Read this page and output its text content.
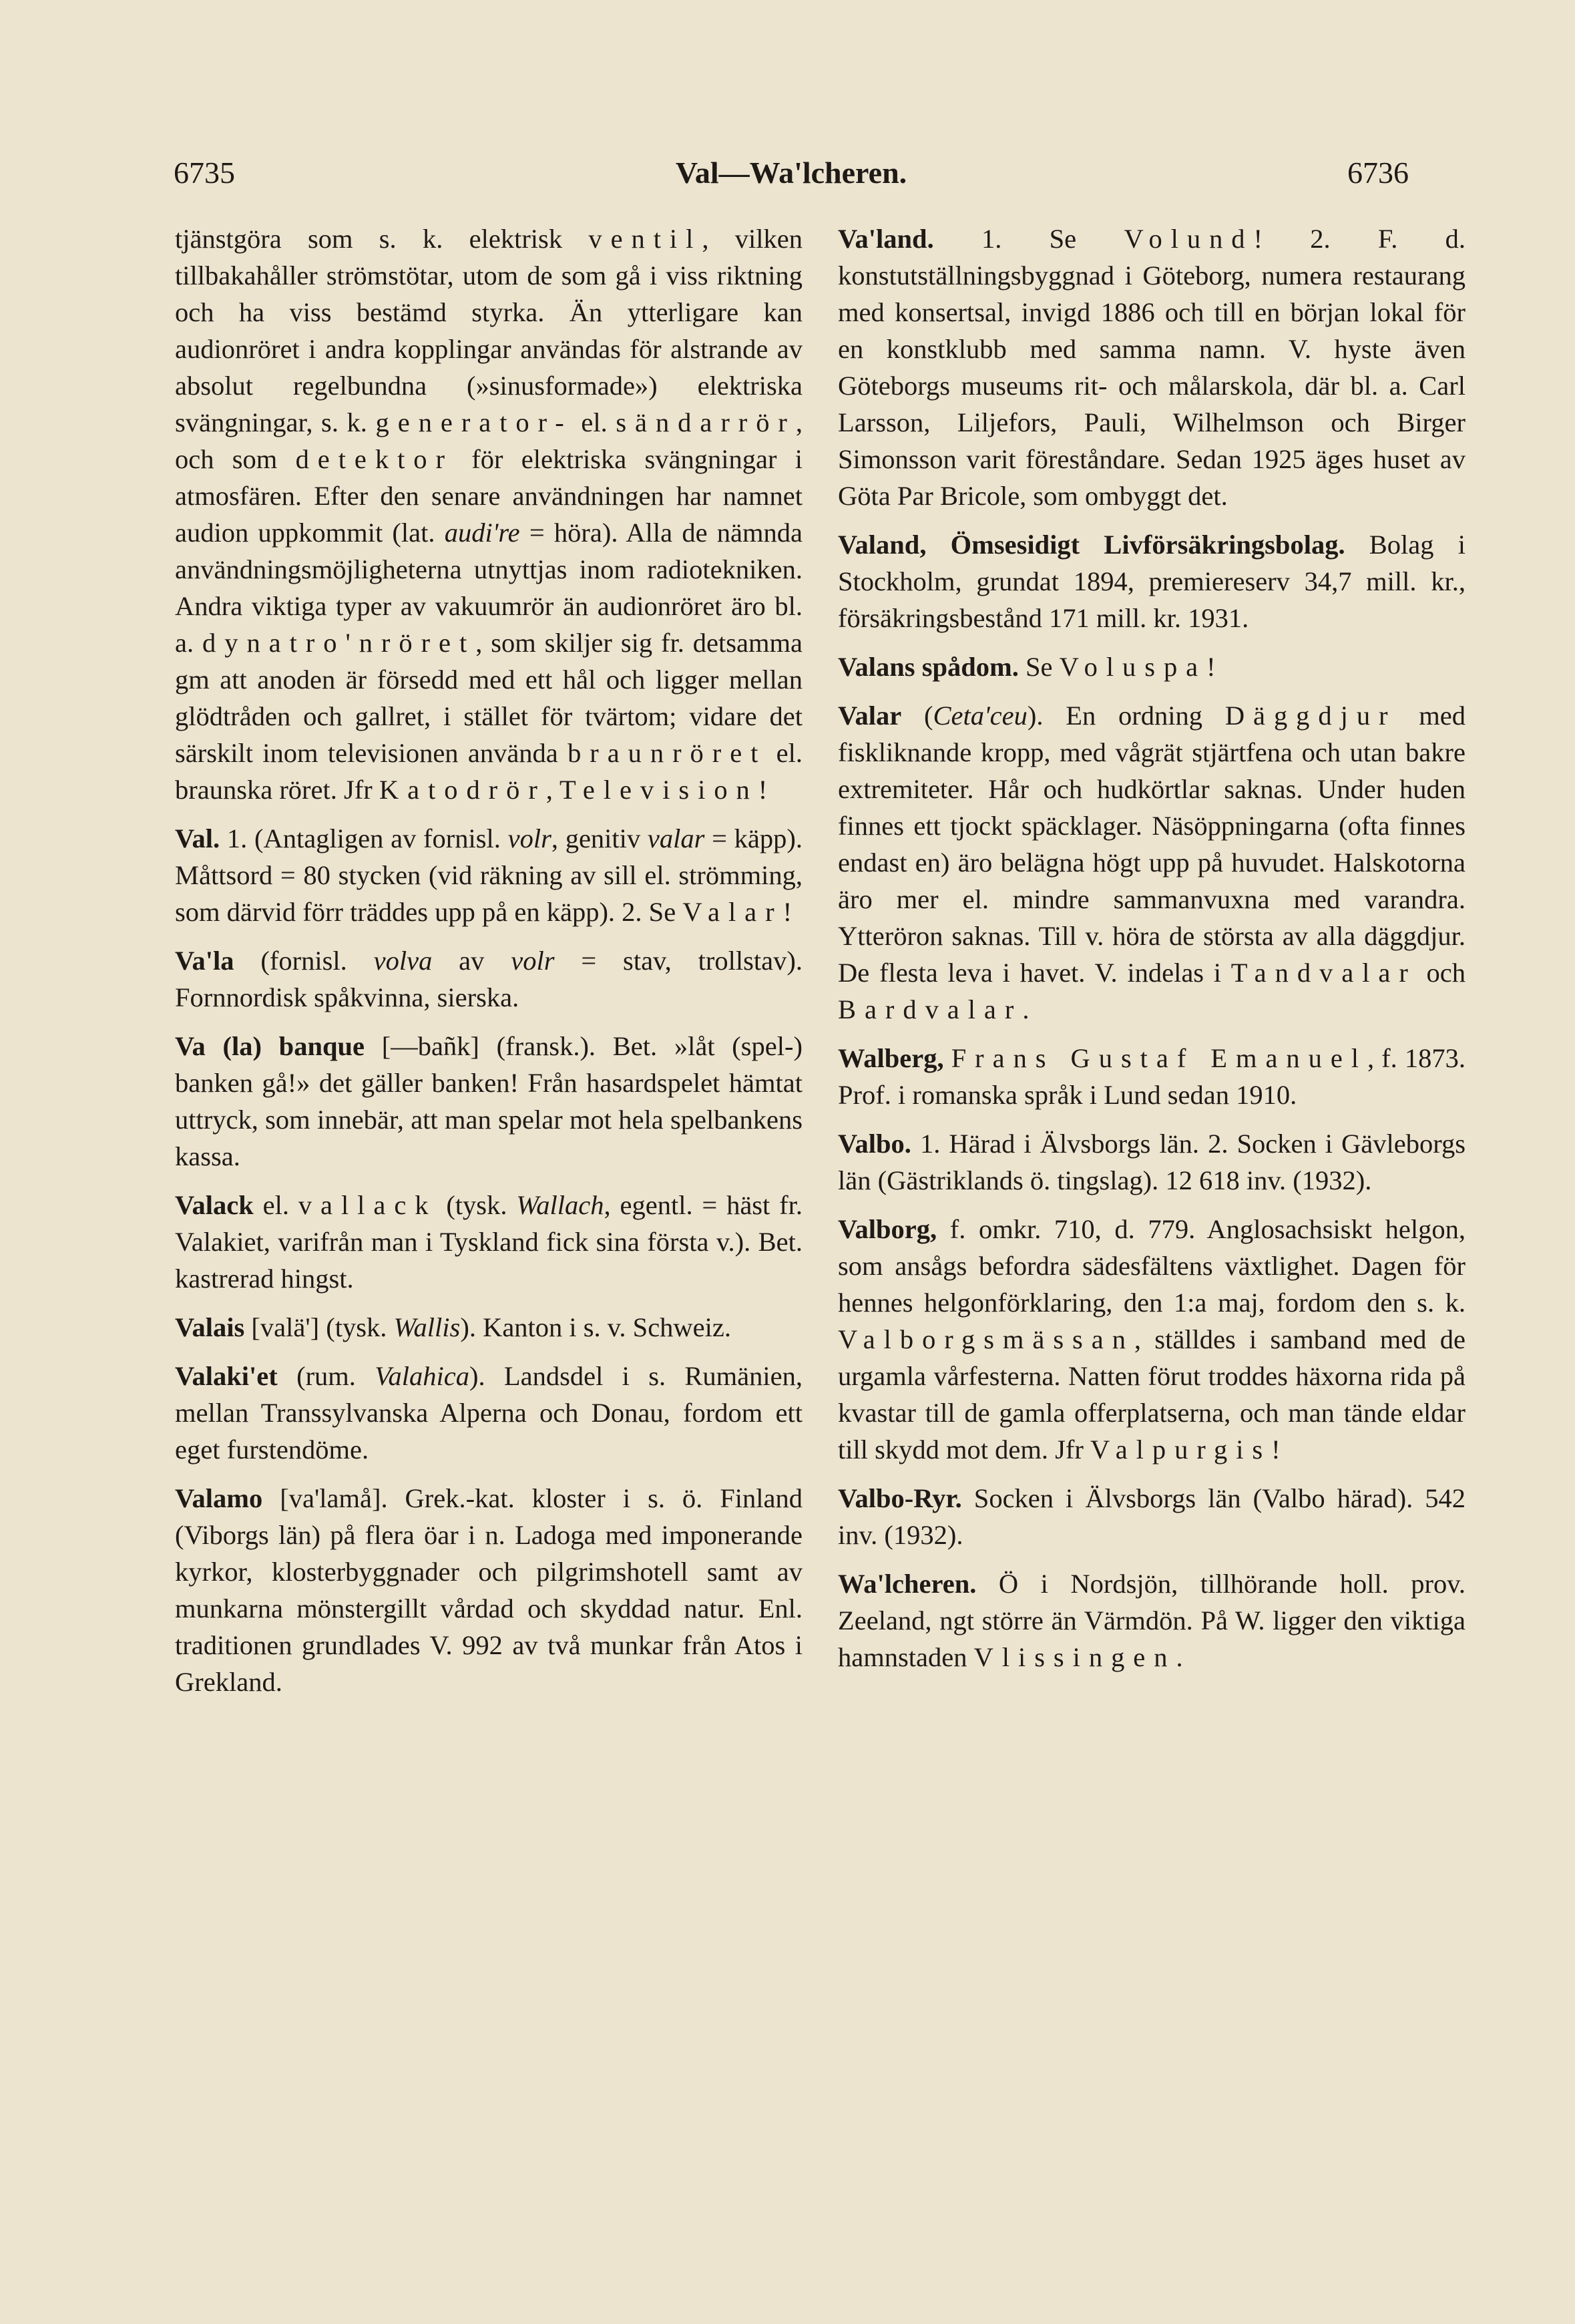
6735	Val—Wa'lcheren.	6736

tjänstgöra som s. k. elektrisk ventil, vilken tillbakahåller strömstötar, utom de som gå i viss riktning och ha viss bestämd styrka. Än ytterligare kan audionröret i andra kopplingar användas för alstrande av absolut regelbundna (»sinusformade») elektriska svängningar, s. k. generator- el. sändarrör, och som detektor för elektriska svängningar i atmosfären. Efter den senare användningen har namnet audion uppkommit (lat. audi're = höra). Alla de nämnda användningsmöjligheterna utnyttjas inom radiotekniken. Andra viktiga typer av vakuumrör än audionröret äro bl. a. dynatro'nröret, som skiljer sig fr. detsamma gm att anoden är försedd med ett hål och ligger mellan glödtråden och gallret, i stället för tvärtom; vidare det särskilt inom televisionen använda braunröret el. braunska röret. Jfr Katodrör, Television!

Val. 1. (Antagligen av fornisl. volr, genitiv valar = käpp). Måttsord = 80 stycken (vid räkning av sill el. strömming, som därvid förr träddes upp på en käpp). 2. Se Valar!

Va'la (fornisl. volva av volr = stav, trollstav). Fornnordisk spåkvinna, sierska.

Va (la) banque [—bañk] (fransk.). Bet. »låt (spel-) banken gå!» det gäller banken! Från hasardspelet hämtat uttryck, som innebär, att man spelar mot hela spelbankens kassa.

Valack el. vallack (tysk. Wallach, egentl. = häst fr. Valakiet, varifrån man i Tyskland fick sina första v.). Bet. kastrerad hingst.

Valais [valä'] (tysk. Wallis). Kanton i s. v. Schweiz.

Valaki'et (rum. Valahica). Landsdel i s. Rumänien, mellan Transsylvanska Alperna och Donau, fordom ett eget furstendöme.

Valamo [va'lamå]. Grek.-kat. kloster i s. ö. Finland (Viborgs län) på flera öar i n. Ladoga med imponerande kyrkor, klosterbyggnader och pilgrimshotell samt av munkarna mönstergillt vårdad och skyddad natur. Enl. traditionen grundlades V. 992 av två munkar från Atos i Grekland.

Va'land. 1. Se Volund! 2. F. d. konstutställningsbyggnad i Göteborg, numera restaurang med konsertsal, invigd 1886 och till en början lokal för en konstklubb med samma namn. V. hyste även Göteborgs museums rit- och målarskola, där bl. a. Carl Larsson, Liljefors, Pauli, Wilhelmson och Birger Simonsson varit föreståndare. Sedan 1925 äges huset av Göta Par Bricole, som ombyggt det.

Valand, Ömsesidigt Livförsäkringsbolag. Bolag i Stockholm, grundat 1894, premiereserv 34,7 mill. kr., försäkringsbestånd 171 mill. kr. 1931.

Valans spådom. Se Voluspa!

Valar (Ceta'ceu). En ordning Däggdjur med fiskliknande kropp, med vågrät stjärtfena och utan bakre extremiteter. Hår och hudkörtlar saknas. Under huden finnes ett tjockt späcklager. Näsöppningarna (ofta finnes endast en) äro belägna högt upp på huvudet. Halskotorna äro mer el. mindre sammanvuxna med varandra. Ytteröron saknas. Till v. höra de största av alla däggdjur. De flesta leva i havet. V. indelas i Tandvalar och Bardvalar.

Walberg, Frans Gustaf Emanuel, f. 1873. Prof. i romanska språk i Lund sedan 1910.

Valbo. 1. Härad i Älvsborgs län. 2. Socken i Gävleborgs län (Gästriklands ö. tingslag). 12 618 inv. (1932).

Valborg, f. omkr. 710, d. 779. Anglosachsiskt helgon, som ansågs befordra sädesfältens växtlighet. Dagen för hennes helgonförklaring, den 1:a maj, fordom den s. k. Valborgsmässan, ställdes i samband med de urgamla vårfesterna. Natten förut troddes häxorna rida på kvastar till de gamla offerplatserna, och man tände eldar till skydd mot dem. Jfr Valpurgis!

Valbo-Ryr. Socken i Älvsborgs län (Valbo härad). 542 inv. (1932).

Wa'lcheren. Ö i Nordsjön, tillhörande holl. prov. Zeeland, ngt större än Värmdön. På W. ligger den viktiga hamnstaden Vlissingen.
